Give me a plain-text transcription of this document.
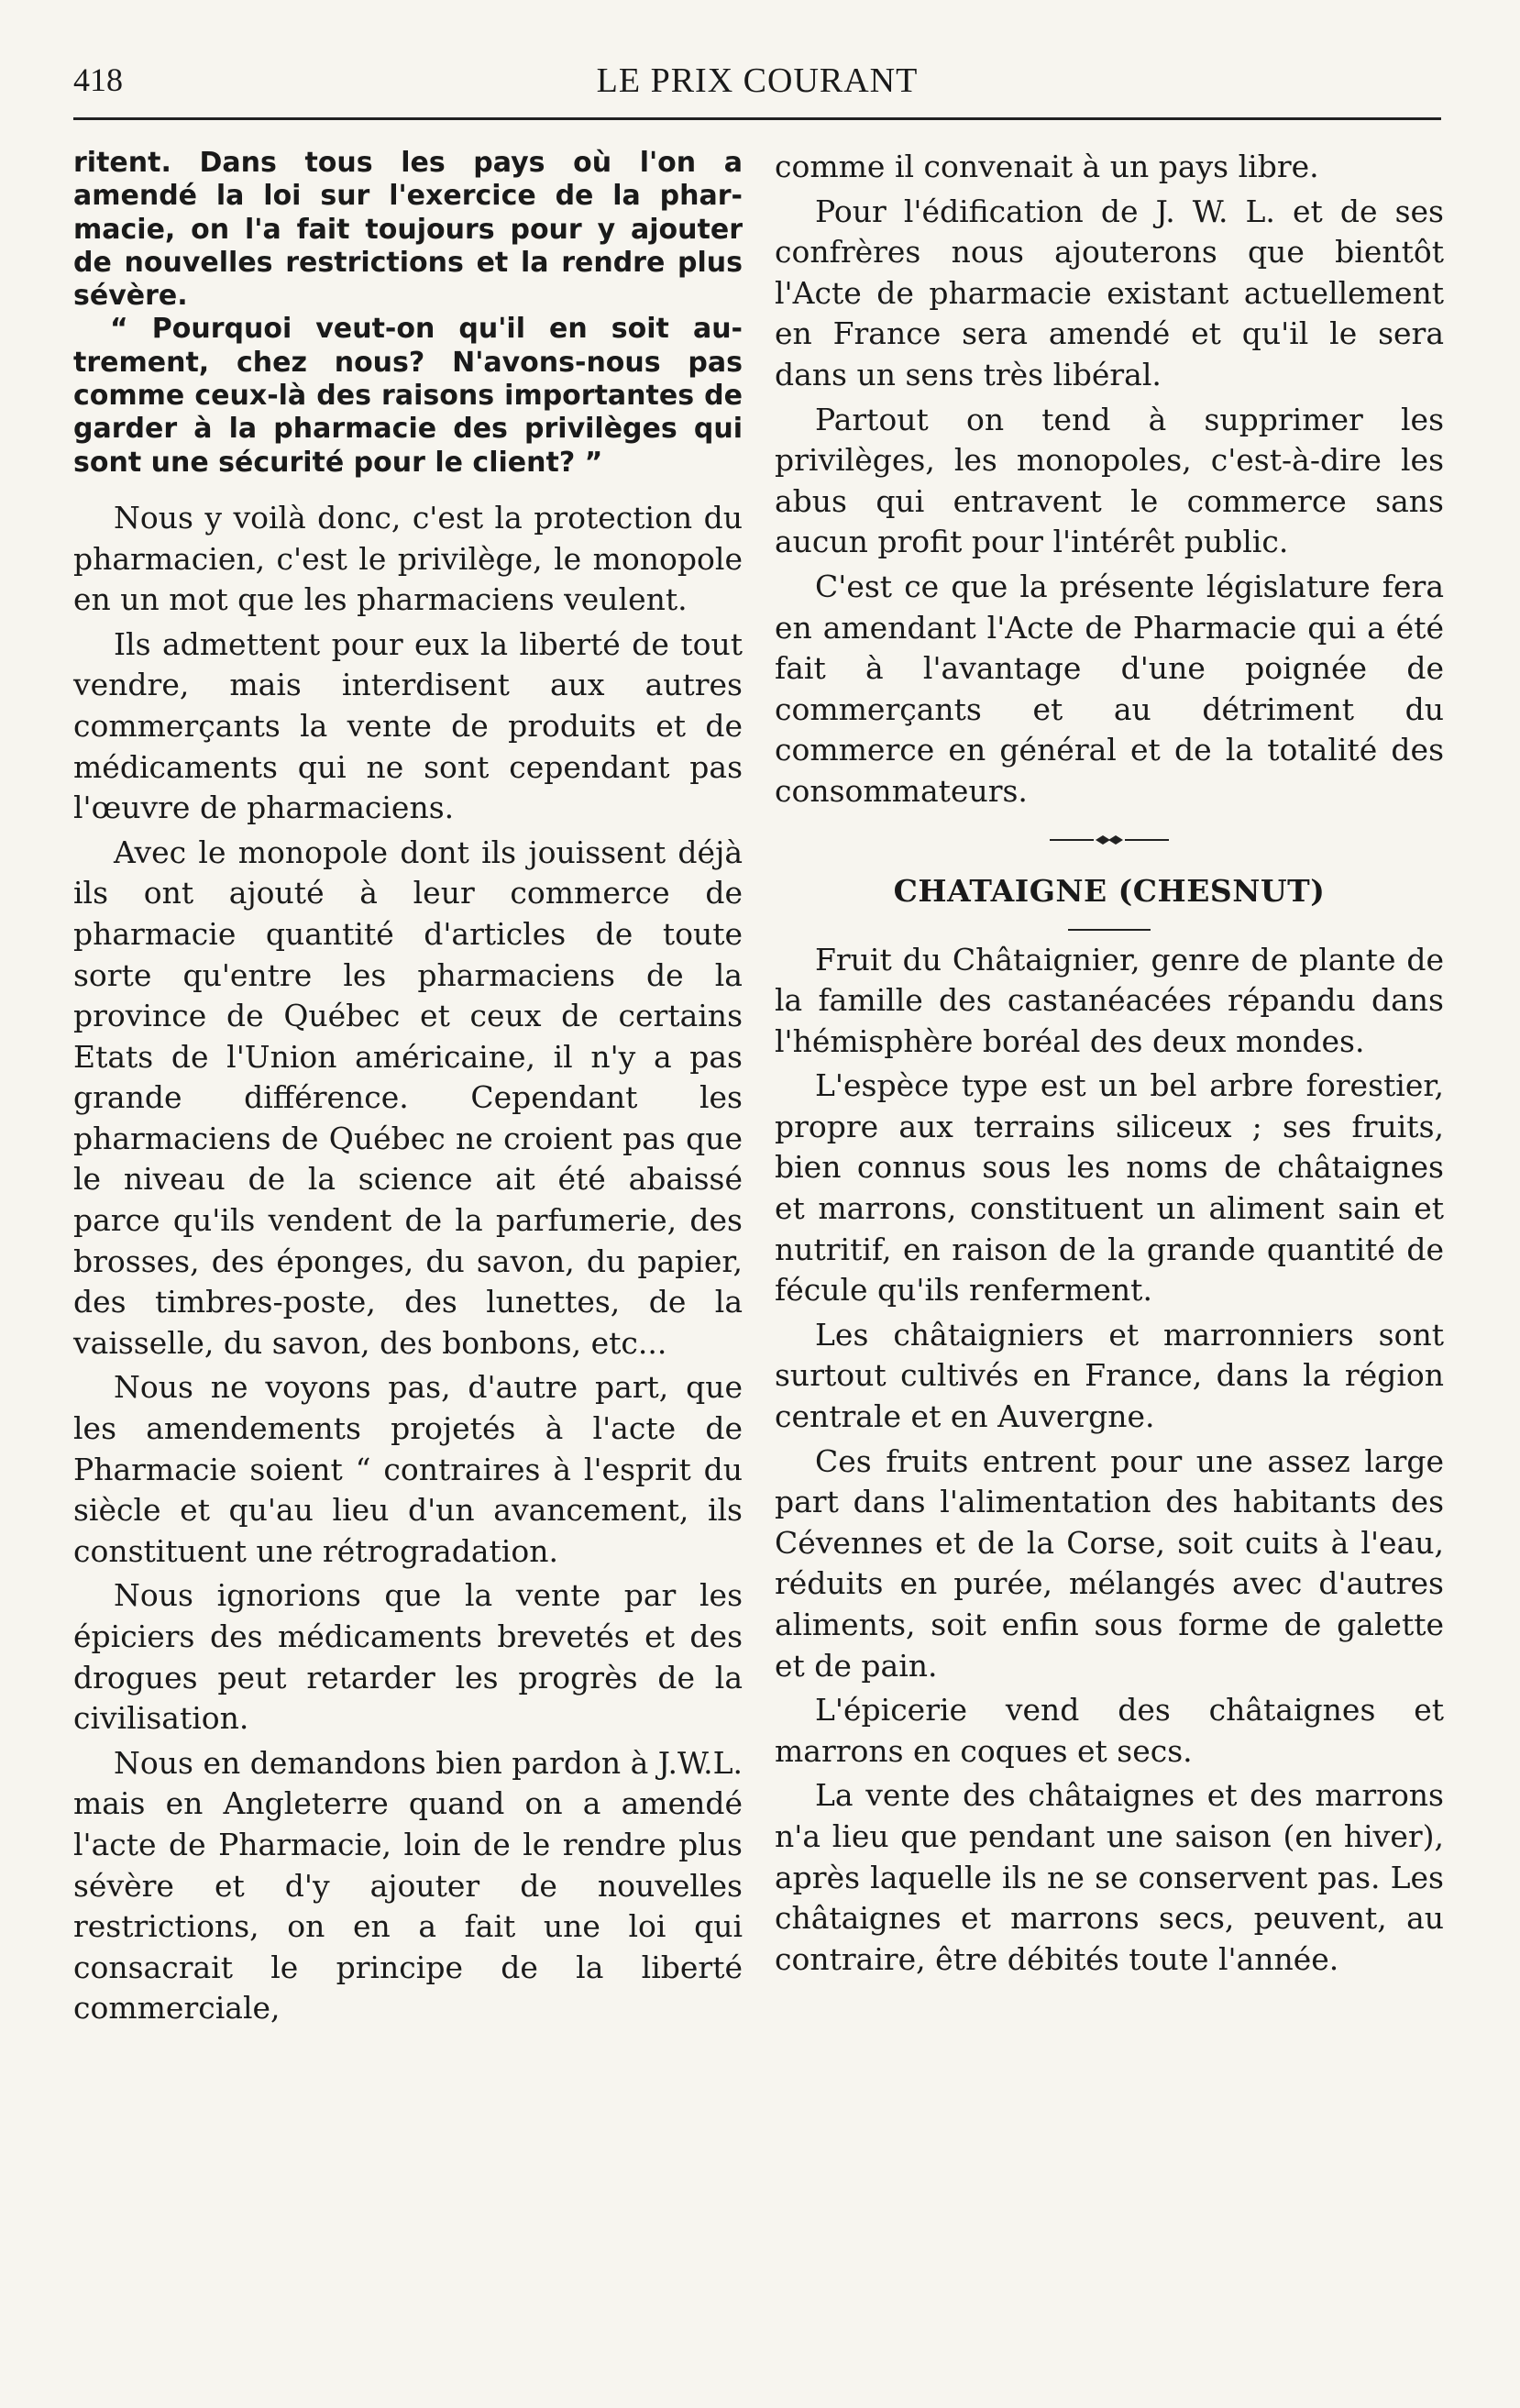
418	LE PRIX COURANT

ritent. Dans tous les pays où l'on a amendé la loi sur l'exercice de la pharmacie, on l'a fait toujours pour y ajouter de nouvelles restrictions et la rendre plus sévère.

“ Pourquoi veut-on qu'il en soit autrement, chez nous? N'avons-nous pas comme ceux-là des raisons importantes de garder à la pharmacie des privilèges qui sont une sécurité pour le client? ”

Nous y voilà donc, c'est la protection du pharmacien, c'est le privilège, le monopole en un mot que les pharmaciens veulent.

Ils admettent pour eux la liberté de tout vendre, mais interdisent aux autres commerçants la vente de produits et de médicaments qui ne sont cependant pas l'œuvre de pharmaciens.

Avec le monopole dont ils jouissent déjà ils ont ajouté à leur commerce de pharmacie quantité d'articles de toute sorte qu'entre les pharmaciens de la province de Québec et ceux de certains Etats de l'Union américaine, il n'y a pas grande différence. Cependant les pharmaciens de Québec ne croient pas que le niveau de la science ait été abaissé parce qu'ils vendent de la parfumerie, des brosses, des éponges, du savon, du papier, des timbres-poste, des lunettes, de la vaisselle, du savon, des bonbons, etc...

Nous ne voyons pas, d'autre part, que les amendements projetés à l'acte de Pharmacie soient “ contraires à l'esprit du siècle et qu'au lieu d'un avancement, ils constituent une rétrogradation.

Nous ignorions que la vente par les épiciers des médicaments brevetés et des drogues peut retarder les progrès de la civilisation.

Nous en demandons bien pardon à J.W.L. mais en Angleterre quand on a amendé l'acte de Pharmacie, loin de le rendre plus sévère et d'y ajouter de nouvelles restrictions, on en a fait une loi qui consacrait le principe de la liberté commerciale,

comme il convenait à un pays libre.

Pour l'édification de J. W. L. et de ses confrères nous ajouterons que bientôt l'Acte de pharmacie existant actuellement en France sera amendé et qu'il le sera dans un sens très libéral.

Partout on tend à supprimer les privilèges, les monopoles, c'est-à-dire les abus qui entravent le commerce sans aucun profit pour l'intérêt public.

C'est ce que la présente législature fera en amendant l'Acte de Pharmacie qui a été fait à l'avantage d'une poignée de commerçants et au détriment du commerce en général et de la totalité des consommateurs.

CHATAIGNE (CHESNUT)

Fruit du Châtaignier, genre de plante de la famille des castanéacées répandu dans l'hémisphère boréal des deux mondes.

L'espèce type est un bel arbre forestier, propre aux terrains siliceux ; ses fruits, bien connus sous les noms de châtaignes et marrons, constituent un aliment sain et nutritif, en raison de la grande quantité de fécule qu'ils renferment.

Les châtaigniers et marronniers sont surtout cultivés en France, dans la région centrale et en Auvergne.

Ces fruits entrent pour une assez large part dans l'alimentation des habitants des Cévennes et de la Corse, soit cuits à l'eau, réduits en purée, mélangés avec d'autres aliments, soit enfin sous forme de galette et de pain.

L'épicerie vend des châtaignes et marrons en coques et secs.

La vente des châtaignes et des marrons n'a lieu que pendant une saison (en hiver), après laquelle ils ne se conservent pas. Les châtaignes et marrons secs, peuvent, au contraire, être débités toute l'année.
